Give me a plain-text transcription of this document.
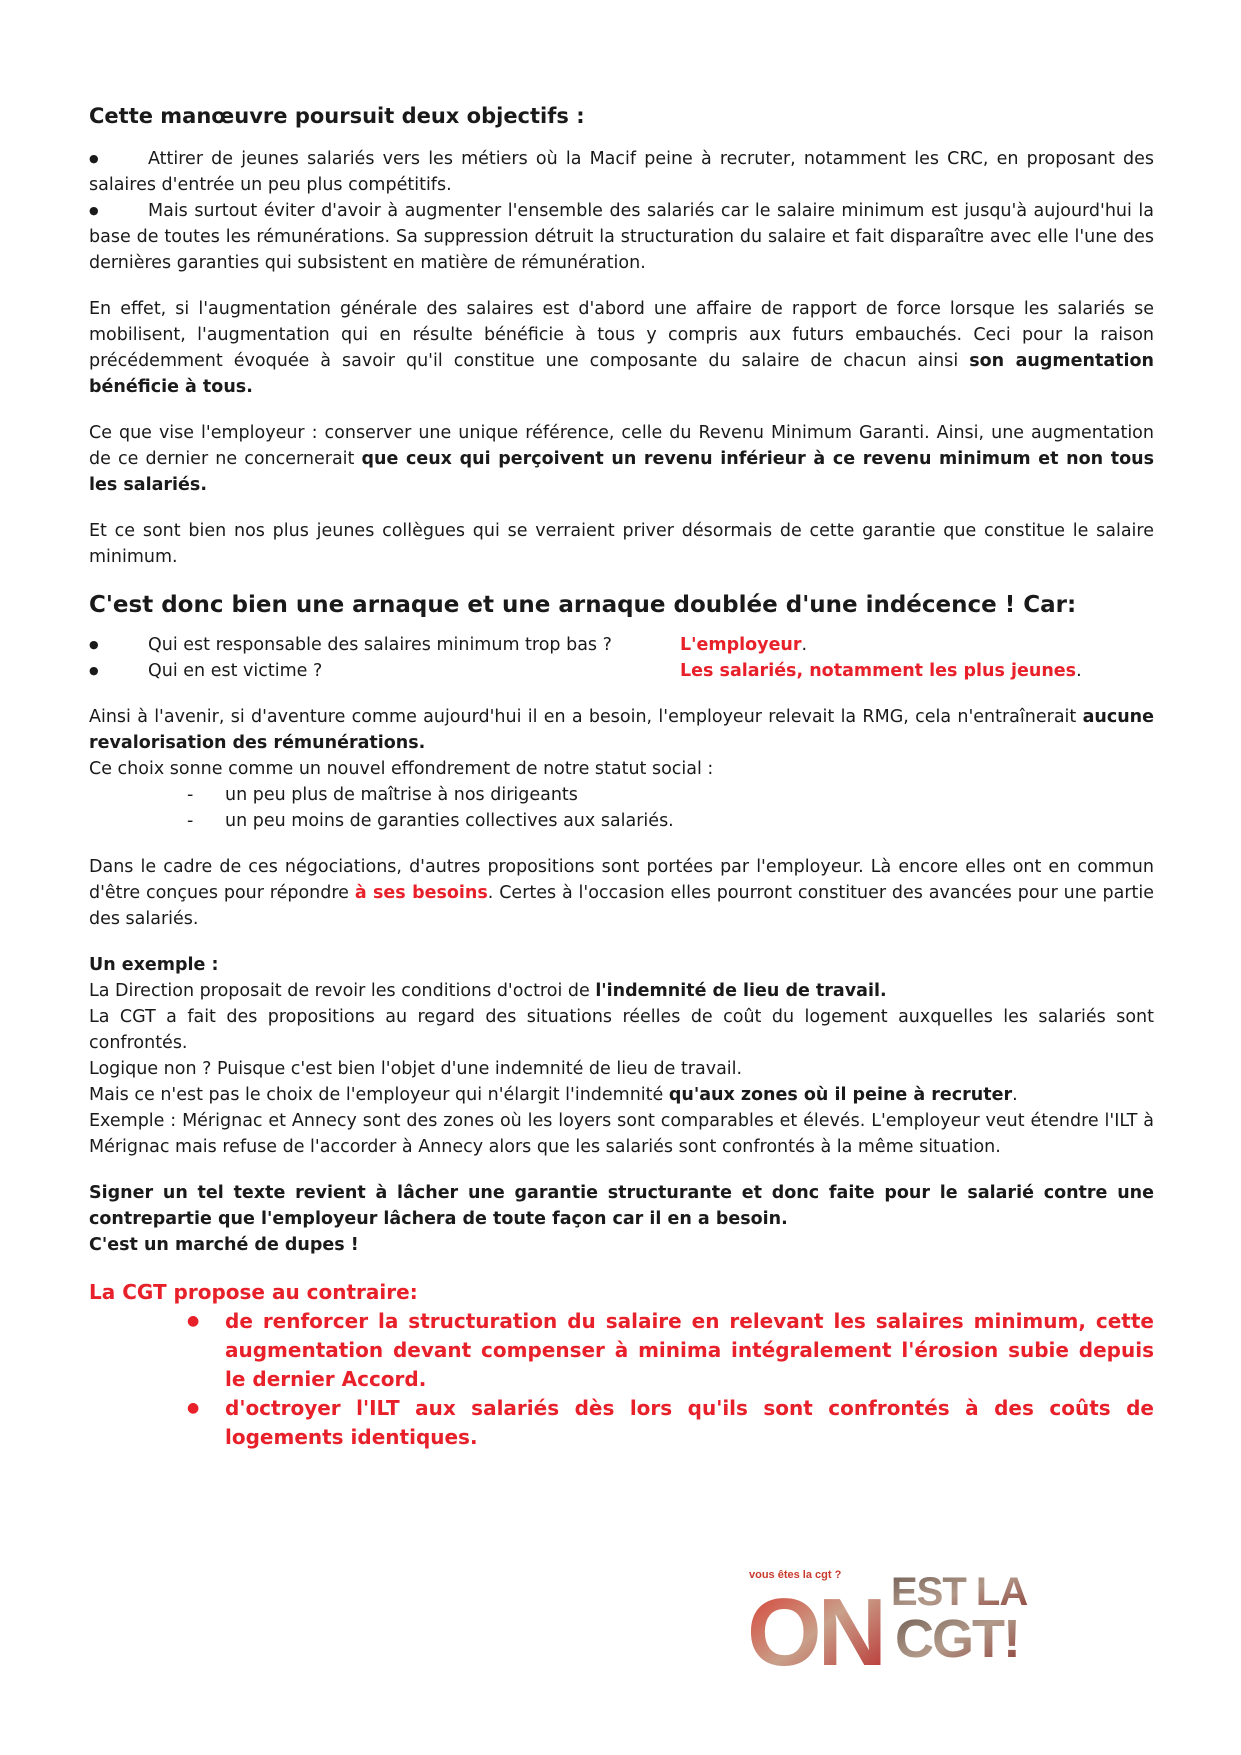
Cette manœuvre poursuit deux objectifs :

●	Attirer de jeunes salariés vers les métiers où la Macif peine à recruter, notamment les CRC, en proposant des salaires d'entrée un peu plus compétitifs.

●	Mais surtout éviter d'avoir à augmenter l'ensemble des salariés car le salaire minimum est jusqu'à aujourd'hui la base de toutes les rémunérations. Sa suppression détruit la structuration du salaire et fait disparaître avec elle l'une des dernières garanties qui subsistent en matière de rémunération.

En effet, si l'augmentation générale des salaires est d'abord une affaire de rapport de force lorsque les salariés se mobilisent, l'augmentation qui en résulte bénéficie à tous y compris aux futurs embauchés. Ceci pour la raison précédemment évoquée à savoir qu'il constitue une composante du salaire de chacun ainsi son augmentation bénéficie à tous.

Ce que vise l'employeur : conserver une unique référence, celle du Revenu Minimum Garanti. Ainsi, une augmentation de ce dernier ne concernerait que ceux qui perçoivent un revenu inférieur à ce revenu minimum et non tous les salariés.

Et ce sont bien nos plus jeunes collègues qui se verraient priver désormais de cette garantie que constitue le salaire minimum.

C'est donc bien une arnaque et une arnaque doublée d'une indécence ! Car:

●	Qui est responsable des salaires minimum trop bas ?	L'employeur.
●	Qui en est victime ?	Les salariés, notamment les plus jeunes.

Ainsi à l'avenir, si d'aventure comme aujourd'hui il en a besoin, l'employeur relevait la RMG, cela n'entraînerait aucune revalorisation des rémunérations.

Ce choix sonne comme un nouvel effondrement de notre statut social :

-	un peu plus de maîtrise à nos dirigeants
-	un peu moins de garanties collectives aux salariés.

Dans le cadre de ces négociations, d'autres propositions sont portées par l'employeur. Là encore elles ont en commun d'être conçues pour répondre à ses besoins. Certes à l'occasion elles pourront constituer des avancées pour une partie des salariés.

Un exemple :

La Direction proposait de revoir les conditions d'octroi de l'indemnité de lieu de travail.

La CGT a fait des propositions au regard des situations réelles de coût du logement auxquelles les salariés sont confrontés.

Logique non ? Puisque c'est bien l'objet d'une indemnité de lieu de travail.

Mais ce n'est pas le choix de l'employeur qui n'élargit l'indemnité qu'aux zones où il peine à recruter.

Exemple : Mérignac et Annecy sont des zones où les loyers sont comparables et élevés. L'employeur veut étendre l'ILT à Mérignac mais refuse de l'accorder à Annecy alors que les salariés sont confrontés à la même situation.

Signer un tel texte revient à lâcher une garantie structurante et donc faite pour le salarié contre une contrepartie que l'employeur lâchera de toute façon car il en a besoin.

C'est un marché de dupes !

La CGT propose au contraire:

●	de renforcer la structuration du salaire en relevant les salaires minimum, cette augmentation devant compenser à minima intégralement l'érosion subie depuis le dernier Accord.
●	d'octroyer l'ILT aux salariés dès lors qu'ils sont confrontés à des coûts de logements identiques.
vous êtes la cgt ?
ON EST LA
CGT!
